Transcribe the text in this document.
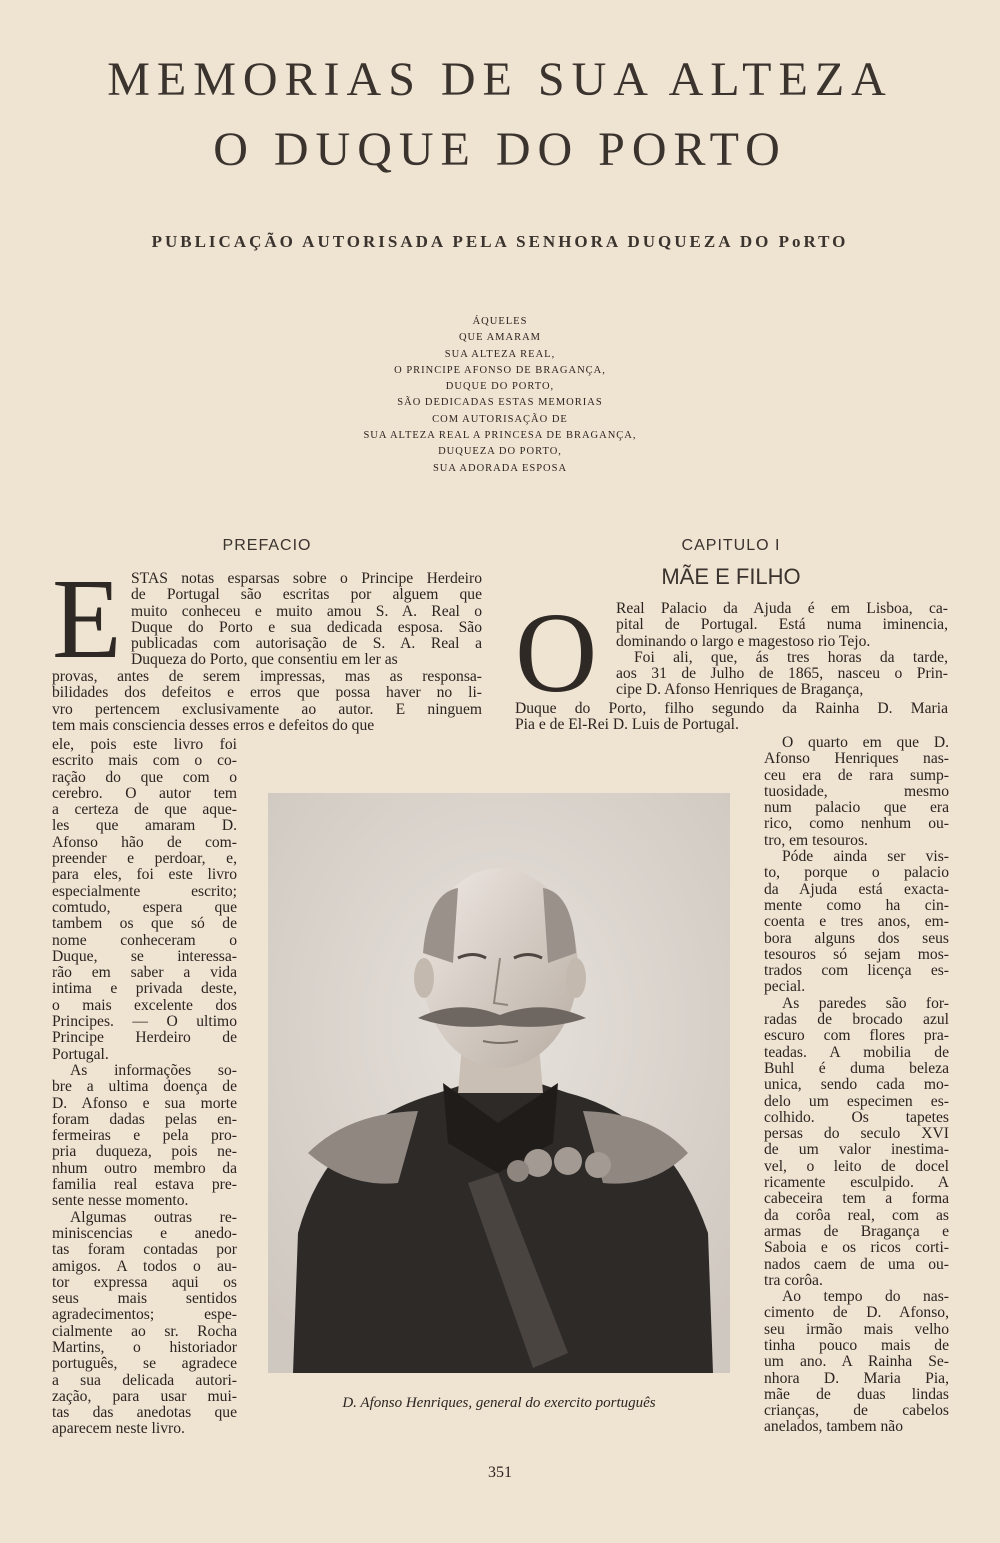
MEMORIAS DE SUA ALTEZA
O DUQUE DO PORTO
PUBLICAÇÃO AUTORISADA PELA SENHORA DUQUEZA DO PoRTO
ÁQUELES
QUE AMARAM
SUA ALTEZA REAL,
O PRINCIPE AFONSO DE BRAGANÇA,
DUQUE DO PORTO,
SÃO DEDICADAS ESTAS MEMORIAS
COM AUTORISAÇÃO DE
SUA ALTEZA REAL A PRINCESA DE BRAGANÇA,
DUQUEZA DO PORTO,
SUA ADORADA ESPOSA
PREFACIO
E STAS notas esparsas sobre o Principe Herdeiro
de Portugal são escritas por alguem que
muito conheceu e muito amou S. A. Real o
Duque do Porto e sua dedicada esposa. São
publicadas com autorisação de S. A. Real a
Duqueza do Porto, que consentiu em ler as
provas, antes de serem impressas, mas as responsa-
bilidades dos defeitos e erros que possa haver no li-
vro pertencem exclusivamente ao autor. E ninguem
tem mais consciencia desses erros e defeitos do que
ele, pois este livro foi
escrito mais com o co-
ração do que com o
cerebro. O autor tem
a certeza de que aque-
les que amaram D.
Afonso hão de com-
preender e perdoar, e,
para eles, foi este livro
especialmente escrito;
comtudo, espera que
tambem os que só de
nome conheceram o
Duque, se interessa-
rão em saber a vida
intima e privada deste,
o mais excelente dos
Principes. — O ultimo
Principe Herdeiro de
Portugal.
As informações so-
bre a ultima doença de
D. Afonso e sua morte
foram dadas pelas en-
fermeiras e pela pro-
pria duqueza, pois ne-
nhum outro membro da
familia real estava pre-
sente nesse momento.
Algumas outras re-
miniscencias e anedo-
tas foram contadas por
amigos. A todos o au-
tor expressa aqui os
seus mais sentidos
agradecimentos; espe-
cialmente ao sr. Rocha
Martins, o historiador
português, se agradece
a sua delicada autori-
zação, para usar mui-
tas das anedotas que
aparecem neste livro.
CAPITULO I
MÃE E FILHO
O Real Palacio da Ajuda é em Lisboa, ca-
pital de Portugal. Está numa iminencia,
dominando o largo e magestoso rio Tejo.
Foi ali, que, ás tres horas da tarde,
aos 31 de Julho de 1865, nasceu o Prin-
cipe D. Afonso Henriques de Bragança,
Duque do Porto, filho segundo da Rainha D. Maria
Pia e de El-Rei D. Luis de Portugal.
O quarto em que D.
Afonso Henriques nas-
ceu era de rara sump-
tuosidade, mesmo
num palacio que era
rico, como nenhum ou-
tro, em tesouros.
Póde ainda ser vis-
to, porque o palacio
da Ajuda está exacta-
mente como ha cin-
coenta e tres anos, em-
bora alguns dos seus
tesouros só sejam mos-
trados com licença es-
pecial.
As paredes são for-
radas de brocado azul
escuro com flores pra-
teadas. A mobilia de
Buhl é duma beleza
unica, sendo cada mo-
delo um especimen es-
colhido. Os tapetes
persas do seculo XVI
de um valor inestima-
vel, o leito de docel
ricamente esculpido. A
cabeceira tem a forma
da corôa real, com as
armas de Bragança e
Saboia e os ricos corti-
nados caem de uma ou-
tra corôa.
Ao tempo do nas-
cimento de D. Afonso,
seu irmão mais velho
tinha pouco mais de
um ano. A Rainha Se-
nhora D. Maria Pia,
mãe de duas lindas
crianças, de cabelos
anelados, tambem não

D. Afonso Henriques, general do exercito português

351
